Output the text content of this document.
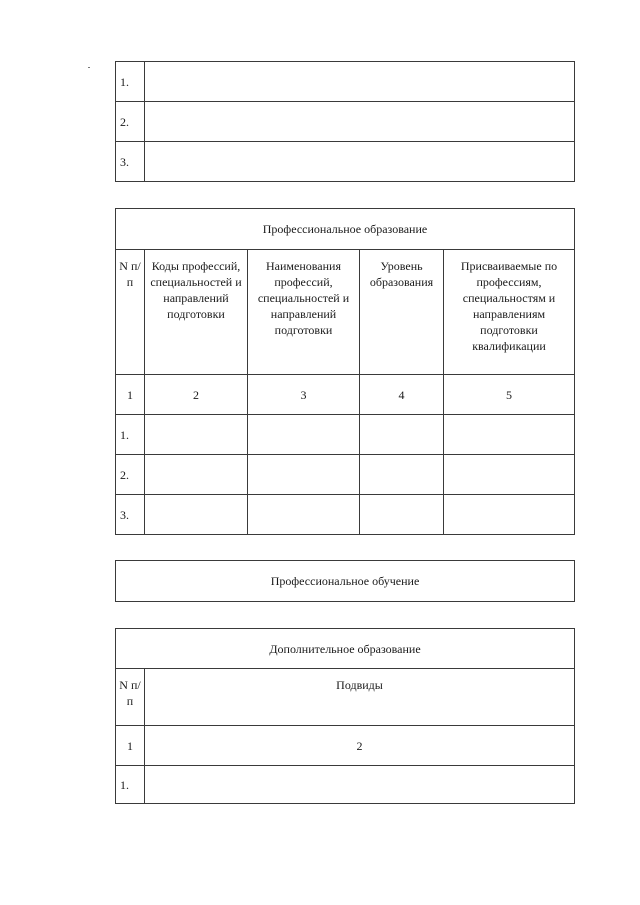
1.	
2.	
3.	
Профессиональное образование				
N п/п	Коды профессий, специальностей и направлений подготовки	Наименования профессий, специальностей и направлений подготовки	Уровень образования	Присваиваемые по профессиям, специальностям и направлениям подготовки квалификации
1	2	3	4	5
1.				
2.				
3.				
Профессиональное обучение
Дополнительное образование	
N п/п	Подвиды
1	2
1.	
